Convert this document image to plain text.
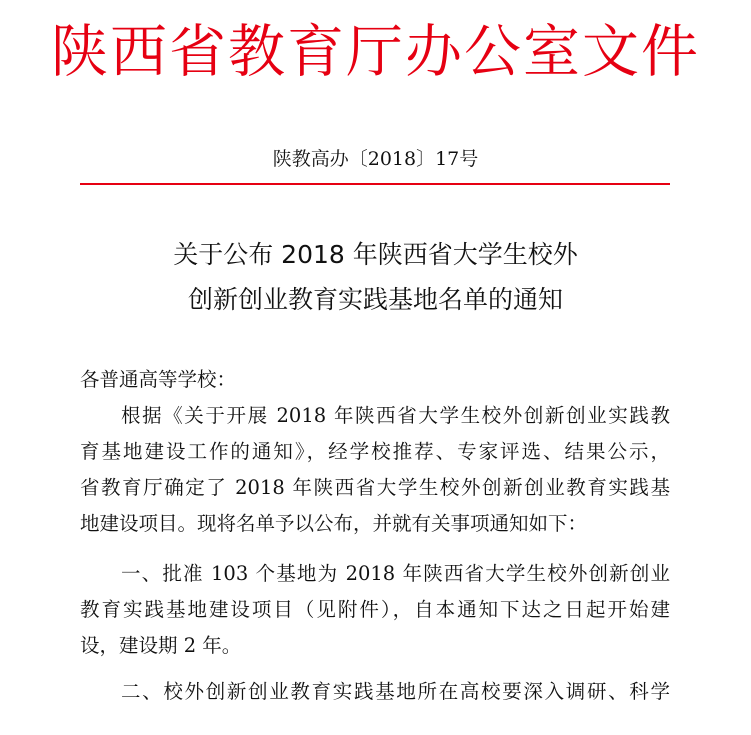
陕西省教育厅办公室文件
陕教高办〔2018〕17号
关于公布 2018 年陕西省大学生校外
创新创业教育实践基地名单的通知
各普通高等学校：
根据《关于开展 2018 年陕西省大学生校外创新创业实践教
育基地建设工作的通知》，经学校推荐、专家评选、结果公示，
省教育厅确定了 2018 年陕西省大学生校外创新创业教育实践基
地建设项目。现将名单予以公布，并就有关事项通知如下：
一、批准 103 个基地为 2018 年陕西省大学生校外创新创业
教育实践基地建设项目（见附件），自本通知下达之日起开始建
设，建设期 2 年。
二、校外创新创业教育实践基地所在高校要深入调研、科学
